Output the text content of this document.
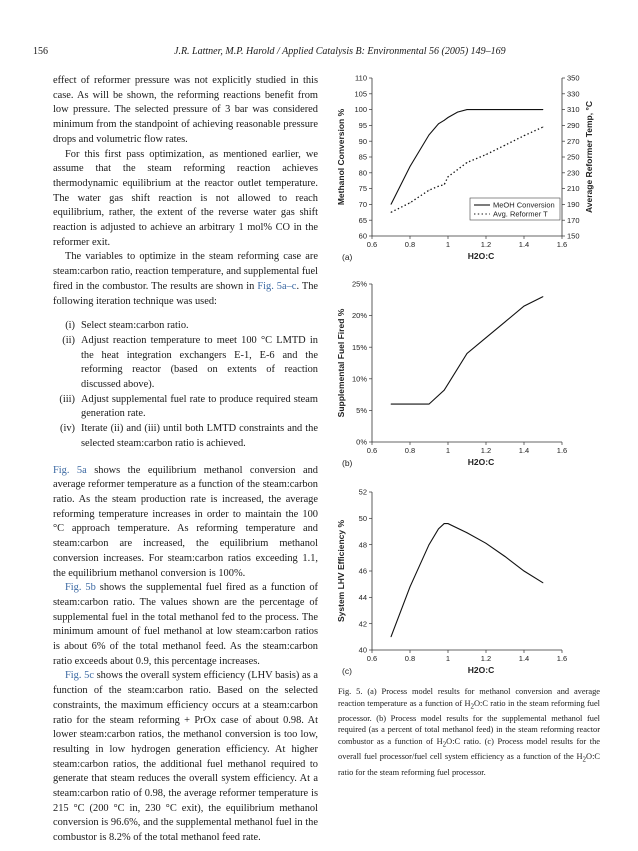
156	J.R. Lattner, M.P. Harold / Applied Catalysis B: Environmental 56 (2005) 149–169

effect of reformer pressure was not explicitly studied in this case. As will be shown, the reforming reactions benefit from low pressure. The selected pressure of 3 bar was considered minimum from the standpoint of achieving reasonable pressure drops and volumetric flow rates.

For this first pass optimization, as mentioned earlier, we assume that the steam reforming reaction achieves thermodynamic equilibrium at the reactor outlet temperature. The water gas shift reaction is not allowed to reach equilibrium, rather, the extent of the reverse water gas shift reaction is adjusted to achieve an arbitrary 1 mol% CO in the reformer exit.

The variables to optimize in the steam reforming case are steam:carbon ratio, reaction temperature, and supplemental fuel fired in the combustor. The results are shown in Fig. 5a–c. The following iteration technique was used:

(i) Select steam:carbon ratio.
(ii) Adjust reaction temperature to meet 100 °C LMTD in the heat integration exchangers E-1, E-6 and the reforming reactor (based on extents of reaction discussed above).
(iii) Adjust supplemental fuel rate to produce required steam generation rate.
(iv) Iterate (ii) and (iii) until both LMTD constraints and the selected steam:carbon ratio is achieved.

Fig. 5a shows the equilibrium methanol conversion and average reformer temperature as a function of the steam:carbon ratio. As the steam production rate is increased, the average reforming temperature increases in order to maintain the 100 °C approach temperature. As reforming temperature and steam:carbon are increased, the equilibrium methanol conversion increases. For steam:carbon ratios exceeding 1.1, the equilibrium methanol conversion is 100%.

Fig. 5b shows the supplemental fuel fired as a function of steam:carbon ratio. The values shown are the percentage of supplemental fuel in the total methanol fed to the process. The minimum amount of fuel methanol at low steam:carbon ratios is about 6% of the total methanol feed. As the steam:carbon ratio exceeds about 0.9, this percentage increases.

Fig. 5c shows the overall system efficiency (LHV basis) as a function of the steam:carbon ratio. Based on the selected constraints, the maximum efficiency occurs at a steam:carbon ratio for the steam reforming + PrOx case of about 0.98. At lower steam:carbon ratios, the methanol conversion is too low, resulting in low hydrogen generation efficiency. At higher steam:carbon ratios, the additional fuel methanol required to generate that steam reduces the overall system efficiency. At a steam:carbon ratio of 0.98, the average reformer temperature is 215 °C (200 °C in, 230 °C exit), the equilibrium methanol conversion is 96.6%, and the supplemental methanol fuel in the combustor is 8.2% of the total methanol feed rate.

60
65
70
75
80
85
90
95
100
105
110
150
170
190
210
230
250
270
290
310
330
350
0.6	0.8	1	1.2	1.4	1.6
H2O:C
Methanol Conversion %	Average Reformer Temp, °C
(a)
MeOH Conversion
Avg. Reformer T
0%
5%
10%
15%
20%
25%
0.6	0.8	1	1.2	1.4	1.6
H2O:C
Supplemental Fuel Fired %
(b)
40
42
44
46
48
50
52
0.6	0.8	1	1.2	1.4	1.6
H2O:C
System LHV Efficiency %
(c)
Fig. 5. (a) Process model results for methanol conversion and average reaction temperature as a function of $H_2O:C$ ratio in the steam reforming fuel processor. (b) Process model results for the supplemental methanol fuel required (as a percent of total methanol feed) in the steam reforming reactor combustor as a function of $H_2O:C$ ratio. (c) Process model results for the overall fuel processor/fuel cell system efficiency as a function of the $H_2O:C$ ratio for the steam reforming fuel processor.
